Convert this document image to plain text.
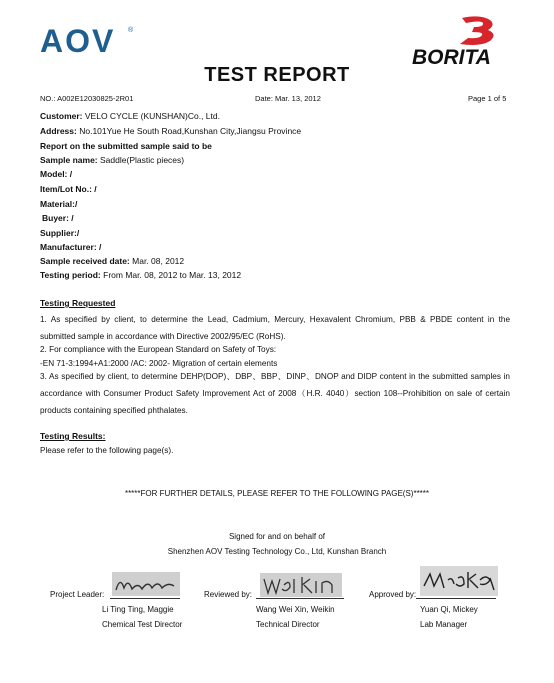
AOV ®
BORITA
TEST REPORT
NO.: A002E12030825-2R01	Date: Mar. 13, 2012	Page 1 of 5
Customer: VELO CYCLE (KUNSHAN)Co., Ltd.
Address: No.101Yue He South Road,Kunshan City,Jiangsu Province
Report on the submitted sample said to be
Sample name: Saddle(Plastic pieces)
Model: /
Item/Lot No.: /
Material:/
Buyer: /
Supplier:/
Manufacturer: /
Sample received date: Mar. 08, 2012
Testing period: From Mar. 08, 2012 to Mar. 13, 2012
Testing Requested
1. As specified by client, to determine the Lead, Cadmium, Mercury, Hexavalent Chromium, PBB & PBDE content in the submitted sample in accordance with Directive 2002/95/EC (RoHS).
2. For compliance with the European Standard on Safety of Toys:
-EN 71-3:1994+A1:2000 /AC: 2002- Migration of certain elements
3. As specified by client, to determine DEHP(DOP)、DBP、BBP、DINP、DNOP and DIDP content in the submitted samples in accordance with Consumer Product Safety Improvement Act of 2008（H.R. 4040）section 108--Prohibition on sale of certain products containing specified phthalates.
Testing Results:
Please refer to the following page(s).
*****FOR FURTHER DETAILS, PLEASE REFER TO THE FOLLOWING PAGE(S)*****
Signed for and on behalf of
Shenzhen AOV Testing Technology Co., Ltd, Kunshan Branch
Project Leader:	Reviewed by:	Approved by:
Li Ting Ting, Maggie
Chemical Test Director
Wang Wei Xin, Weikin
Technical Director
Yuan Qi, Mickey
Lab Manager
